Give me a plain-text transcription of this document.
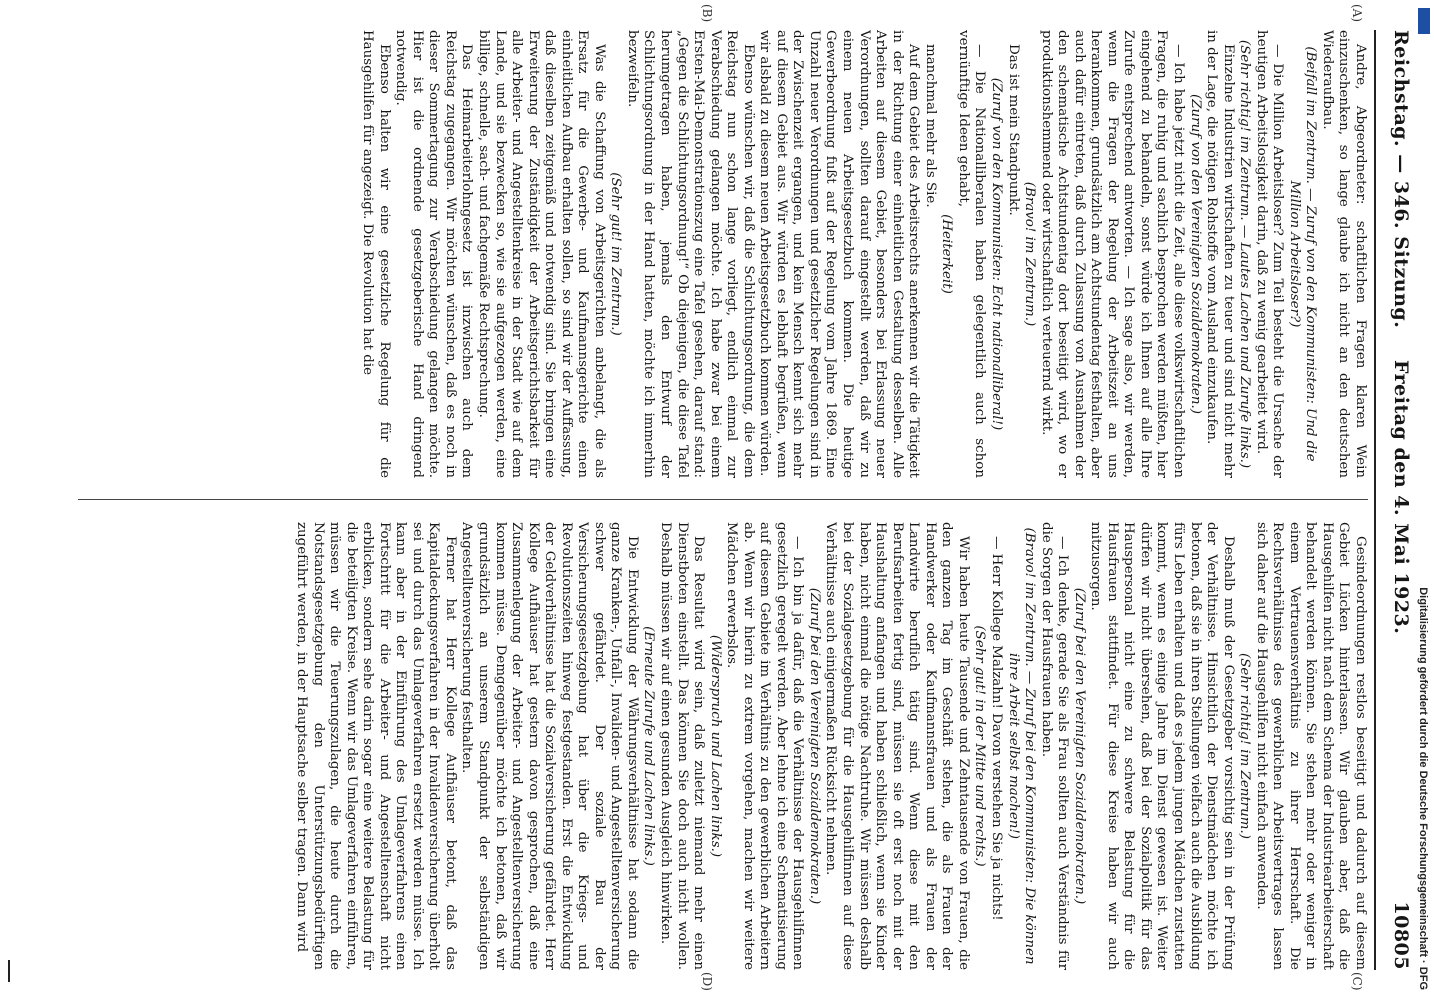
Reichstag. — 346. Sitzung.
Freitag den 4. Mai 1923.
10805
(A)
(B)
(C)
(D)

Andre, Abgeordneter: schaftlichen Fragen klaren Wein einzuschenken, so lange glaube ich nicht an den deutschen Wiederaufbau.

(Beifall im Zentrum. — Zuruf von den Kommunisten: Und die Million Arbeitsloser?)

— Die Million Arbeitsloser? Zum Teil besteht die Ursache der heutigen Arbeitslosigkeit darin, daß zu wenig gearbeitet wird.

(Sehr richtig! im Zentrum. — Lautes Lachen und Zurufe links.)

Einzelne Industrien wirtschaften zu teuer und sind nicht mehr in der Lage, die nötigen Rohstoffe vom Ausland einzukaufen.

(Zuruf von den Vereinigten Sozialdemokraten.)

— Ich habe jetzt nicht die Zeit, alle diese volkswirtschaftlichen Fragen, die ruhig und sachlich besprochen werden müßten, hier eingehend zu behandeln, sonst würde ich Ihnen auf alle Ihre Zurufe entsprechend antworten. — Ich sage also, wir werden, wenn die Fragen der Regelung der Arbeitszeit an uns herankommen, grundsätzlich am Achtstundentag festhalten, aber auch dafür eintreten, daß durch Zulassung von Ausnahmen der den schematische Achtstundentag dort beseitigt wird, wo er produktionshemmend oder wirtschaftlich verteuernd wirkt.

(Bravo! im Zentrum.)

Das ist mein Standpunkt.

(Zuruf von den Kommunisten: Echt nationalliberal!)

— Die Nationalliberalen haben gelegentlich auch schon vernünftige Ideen gehabt,

(Heiterkeit)

manchmal mehr als Sie.

Auf dem Gebiet des Arbeitsrechts anerkennen wir die Tätigkeit in der Richtung einer einheitlichen Gestaltung desselben. Alle Arbeiten auf diesem Gebiet, besonders bei Erlassung neuer Verordnungen, sollten darauf eingestellt werden, daß wir zu einem neuen Arbeitsgesetzbuch kommen. Die heutige Gewerbeordnung fußt auf der Regelung vom Jahre 1869. Eine Unzahl neuer Verordnungen und gesetzlicher Regelungen sind in der Zwischenzeit ergangen, und kein Mensch kennt sich mehr auf diesem Gebiet aus. Wir würden es lebhaft begrüßen, wenn wir alsbald zu diesem neuen Arbeitsgesetzbuch kommen würden.

Ebenso wünschen wir, daß die Schlichtungsordnung, die dem Reichstag nun schon lange vorliegt, endlich einmal zur Verabschiedung gelangen möchte. Ich habe zwar bei einem Ersten-Mai-Demonstrationszug eine Tafel gesehen, darauf stand: „Gegen die Schlichtungsordnung!“ Ob diejenigen, die diese Tafel herumgetragen haben, jemals den Entwurf der Schlichtungsordnung in der Hand hatten, möchte ich immerhin bezweifeln.

(Sehr gut! im Zentrum.)

Was die Schaffung von Arbeitsgerichten anbelangt, die als Ersatz für die Gewerbe- und Kaufmannsgerichte einen einheitlichen Aufbau erhalten sollen, so sind wir der Auffassung, daß dieselben zeitgemäß und notwendig sind. Sie bringen eine Erweiterung der Zuständigkeit der Arbeitsgerichtsbarkeit für alle Arbeiter- und Angestelltenkreise in der Stadt wie auf dem Lande, und sie bezwecken so, wie sie aufgezogen werden, eine billige, schnelle, sach- und fachgemäße Rechtsprechung.

Das Heimarbeiterlohngesetz ist inzwischen auch dem Reichstag zugegangen. Wir möchten wünschen, daß es noch in dieser Sommertagung zur Verabschiedung gelangen möchte. Hier ist die ordnende gesetzgeberische Hand dringend notwendig.

Ebenso halten wir eine gesetzliche Regelung für die Hausgehilfen für angezeigt. Die Revolution hat die

Gesindeordnungen restlos beseitigt und dadurch auf diesem Gebiet Lücken hinterlassen. Wir glauben aber, daß die Hausgehilfen nicht nach dem Schema der Industriearbeiterschaft behandelt werden können. Sie stehen mehr oder weniger in einem Vertrauensverhältnis zu ihrer Herrschaft. Die Rechtsverhältnisse des gewerblichen Arbeitsvertrages lassen sich daher auf die Hausgehilfen nicht einfach anwenden.

(Sehr richtig! im Zentrum.)

Deshalb muß der Gesetzgeber vorsichtig sein in der Prüfung der Verhältnisse. Hinsichtlich der Dienstmädchen möchte ich betonen, daß sie in ihren Stellungen vielfach auch die Ausbildung fürs Leben erhalten und daß es jedem jungen Mädchen zustatten kommt, wenn es einige Jahre im Dienst gewesen ist. Weiter dürfen wir nicht übersehen, daß bei der Sozialpolitik für das Hauspersonal nicht eine zu schwere Belastung für die Hausfrauen stattfindet. Für diese Kreise haben wir auch mitzusorgen.

(Zuruf bei den Vereinigten Sozialdemokraten.)

— Ich denke, gerade Sie als Frau sollten auch Verständnis für die Sorgen der Hausfrauen haben.

(Bravo! im Zentrum. — Zuruf bei den Kommunisten: Die können ihre Arbeit selbst machen!)

— Herr Kollege Malzahn! Davon verstehen Sie ja nichts!

(Sehr gut! in der Mitte und rechts.)

Wir haben heute Tausende und Zehntausende von Frauen, die den ganzen Tag im Geschäft stehen, die als Frauen der Handwerker oder Kaufmannsfrauen und als Frauen der Landwirte beruflich tätig sind. Wenn diese mit den Berufsarbeiten fertig sind, müssen sie oft erst noch mit der Haushaltung anfangen und haben schließlich, wenn sie Kinder haben, nicht einmal die nötige Nachtruhe. Wir müssen deshalb bei der Sozialgesetzgebung für die Hausgehilfinnen auf diese Verhältnisse auch einigermaßen Rücksicht nehmen.

(Zuruf bei den Vereinigten Sozialdemokraten.)

— Ich bin ja dafür, daß die Verhältnisse der Hausgehilfinnen gesetzlich geregelt werden. Aber lehne ich eine Schematisierung auf diesem Gebiete im Verhältnis zu den gewerblichen Arbeitern ab. Wenn wir hierin zu extrem vorgehen, machen wir weitere Mädchen erwerbslos.

(Widerspruch und Lachen links.)

Das Resultat wird sein, daß zuletzt niemand mehr einen Dienstboten einstellt. Das können Sie doch auch nicht wollen. Deshalb müssen wir auf einen gesunden Ausgleich hinwirken.

(Erneute Zurufe und Lachen links.)

Die Entwicklung der Währungsverhältnisse hat sodann die ganze Kranken-, Unfall-, Invaliden- und Angestelltenversicherung schwer gefährdet. Der soziale Bau der Versicherungsgesetzgebung hat über die Kriegs- und Revolutionszeiten hinweg festgestanden. Erst die Entwicklung der Geldverhältnisse hat die Sozialversicherung gefährdet. Herr Kollege Aufhäuser hat gestern davon gesprochen, daß eine Zusammenlegung der Arbeiter- und Angestelltenversicherung kommen müsse. Demgegenüber möchte ich betonen, daß wir grundsätzlich an unserem Standpunkt der selbständigen Angestelltenversicherung festhalten.

Ferner hat Herr Kollege Aufhäuser betont, daß das Kapitaldeckungsverfahren in der Invalidenversicherung überholt sei und durch das Umlageverfahren ersetzt werden müsse. Ich kann aber in der Einführung des Umlageverfahrens einen Fortschritt für die Arbeiter- und Angestelltenschaft nicht erblicken, sondern sehe darin sogar eine weitere Belastung für die beteiligten Kreise. Wenn wir das Umlageverfahren einführen, müssen wir die Teuerungszulagen, die heute durch die Notstandsgesetzgebung den Unterstützungsbedürftigen zugeführt werden, in der Hauptsache selber tragen. Dann wird	Digitalisierung gefördert durch die Deutsche Forschungsgemeinschaft · DFG
